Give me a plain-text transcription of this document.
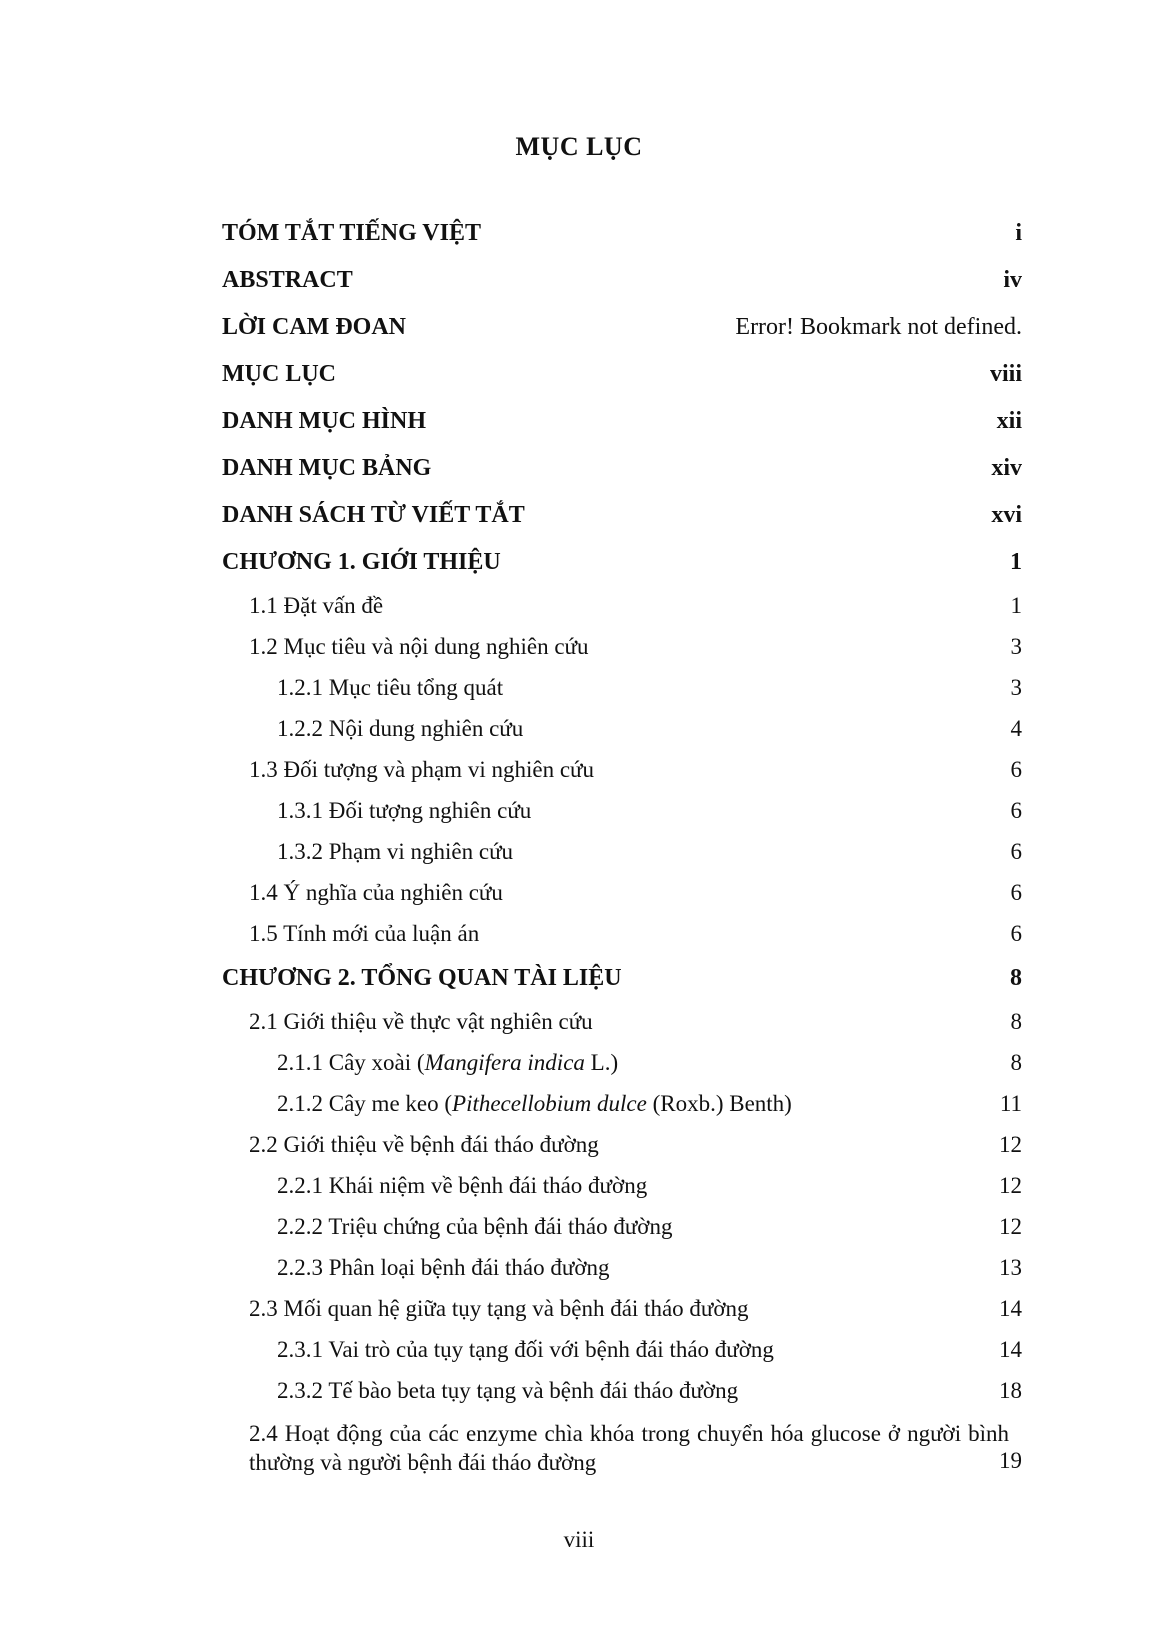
MỤC LỤC
TÓM TẮT TIẾNG VIỆT	i
ABSTRACT	iv
LỜI CAM ĐOAN	Error! Bookmark not defined.
MỤC LỤC	viii
DANH MỤC HÌNH	xii
DANH MỤC BẢNG	xiv
DANH SÁCH TỪ VIẾT TẮT	xvi
CHƯƠNG 1. GIỚI THIỆU	1
1.1 Đặt vấn đề	1
1.2 Mục tiêu và nội dung nghiên cứu	3
1.2.1 Mục tiêu tổng quát	3
1.2.2 Nội dung nghiên cứu	4
1.3 Đối tượng và phạm vi nghiên cứu	6
1.3.1 Đối tượng nghiên cứu	6
1.3.2 Phạm vi nghiên cứu	6
1.4 Ý nghĩa của nghiên cứu	6
1.5 Tính mới của luận án	6
CHƯƠNG 2. TỔNG QUAN TÀI LIỆU	8
2.1 Giới thiệu về thực vật nghiên cứu	8
2.1.1 Cây xoài (Mangifera indica L.)	8
2.1.2 Cây me keo (Pithecellobium dulce (Roxb.) Benth)	11
2.2 Giới thiệu về bệnh đái tháo đường	12
2.2.1 Khái niệm về bệnh đái tháo đường	12
2.2.2 Triệu chứng của bệnh đái tháo đường	12
2.2.3 Phân loại bệnh đái tháo đường	13
2.3 Mối quan hệ giữa tụy tạng và bệnh đái tháo đường	14
2.3.1 Vai trò của tụy tạng đối với bệnh đái tháo đường	14
2.3.2 Tế bào beta tụy tạng và bệnh đái tháo đường	18
2.4 Hoạt động của các enzyme chìa khóa trong chuyển hóa glucose ở người bình thường và người bệnh đái tháo đường	19
viii
